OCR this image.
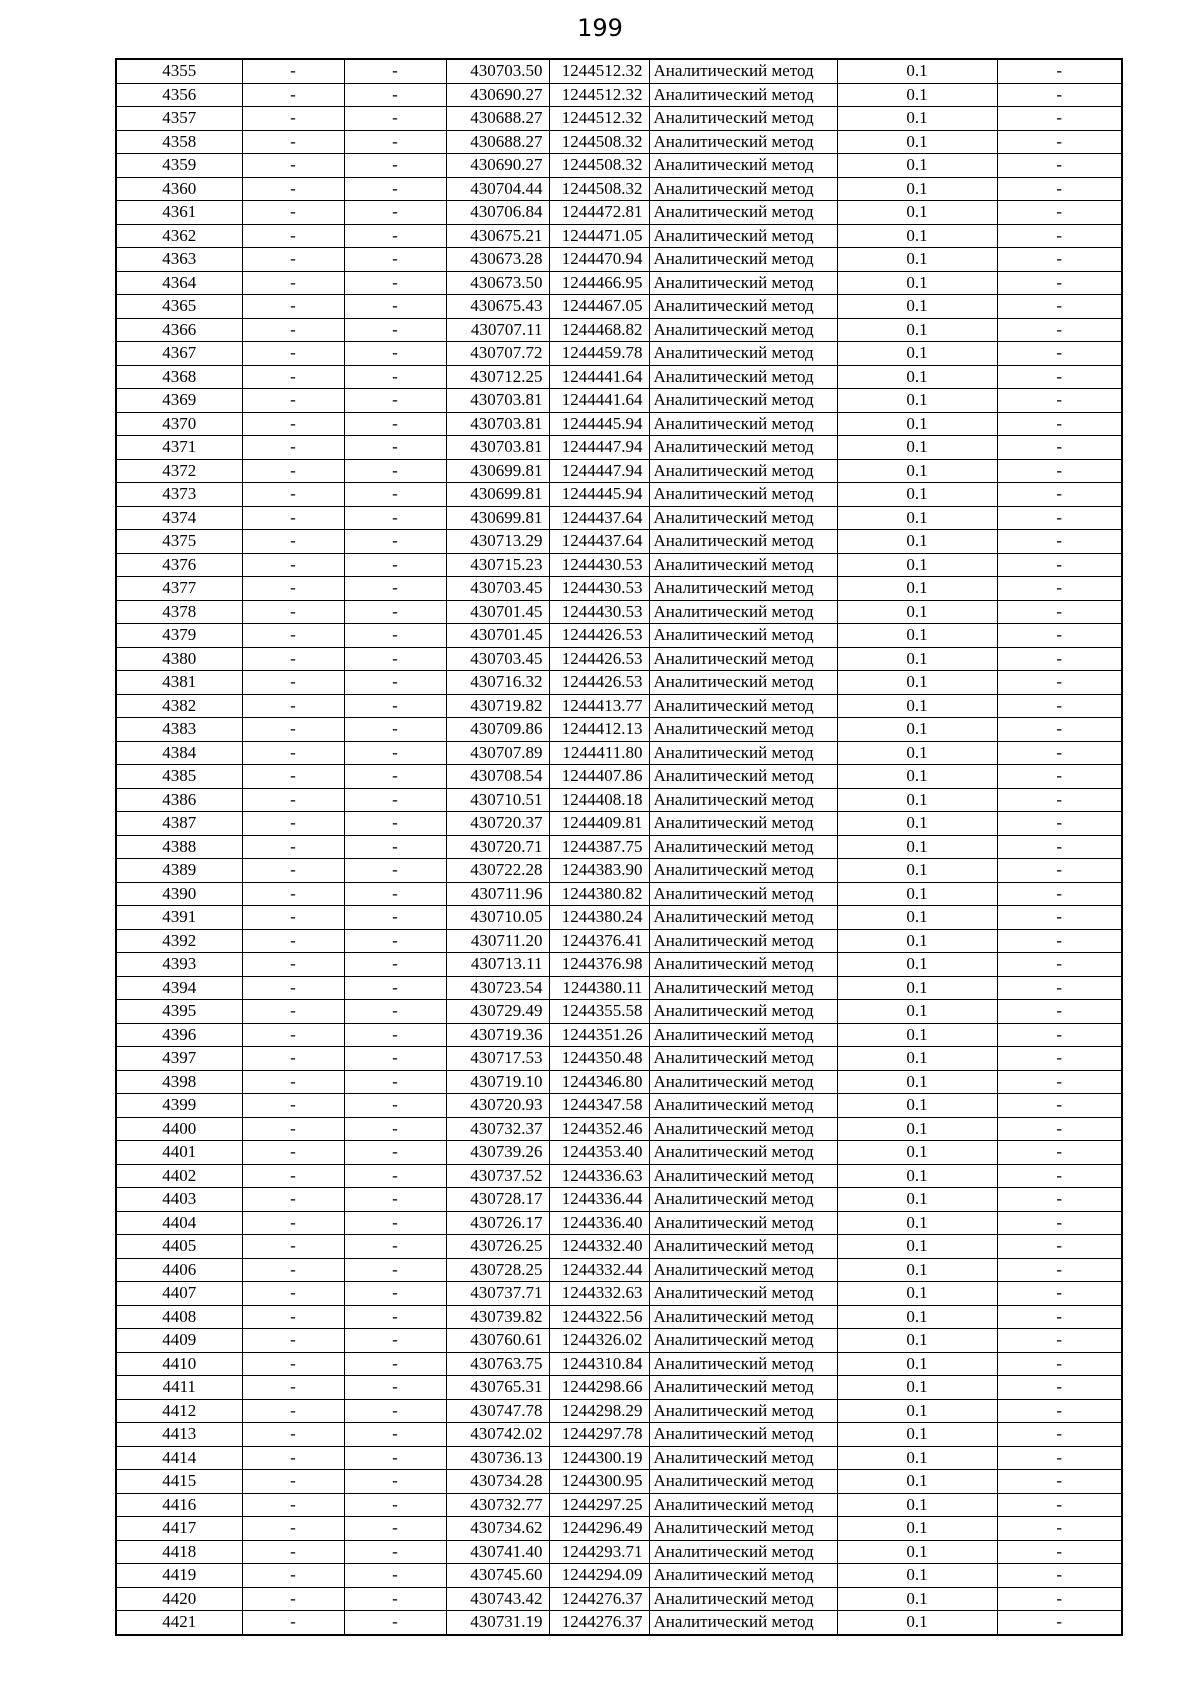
199
4355	-	-	430703.50	1244512.32	Аналитический метод	0.1	-
4356	-	-	430690.27	1244512.32	Аналитический метод	0.1	-
4357	-	-	430688.27	1244512.32	Аналитический метод	0.1	-
4358	-	-	430688.27	1244508.32	Аналитический метод	0.1	-
4359	-	-	430690.27	1244508.32	Аналитический метод	0.1	-
4360	-	-	430704.44	1244508.32	Аналитический метод	0.1	-
4361	-	-	430706.84	1244472.81	Аналитический метод	0.1	-
4362	-	-	430675.21	1244471.05	Аналитический метод	0.1	-
4363	-	-	430673.28	1244470.94	Аналитический метод	0.1	-
4364	-	-	430673.50	1244466.95	Аналитический метод	0.1	-
4365	-	-	430675.43	1244467.05	Аналитический метод	0.1	-
4366	-	-	430707.11	1244468.82	Аналитический метод	0.1	-
4367	-	-	430707.72	1244459.78	Аналитический метод	0.1	-
4368	-	-	430712.25	1244441.64	Аналитический метод	0.1	-
4369	-	-	430703.81	1244441.64	Аналитический метод	0.1	-
4370	-	-	430703.81	1244445.94	Аналитический метод	0.1	-
4371	-	-	430703.81	1244447.94	Аналитический метод	0.1	-
4372	-	-	430699.81	1244447.94	Аналитический метод	0.1	-
4373	-	-	430699.81	1244445.94	Аналитический метод	0.1	-
4374	-	-	430699.81	1244437.64	Аналитический метод	0.1	-
4375	-	-	430713.29	1244437.64	Аналитический метод	0.1	-
4376	-	-	430715.23	1244430.53	Аналитический метод	0.1	-
4377	-	-	430703.45	1244430.53	Аналитический метод	0.1	-
4378	-	-	430701.45	1244430.53	Аналитический метод	0.1	-
4379	-	-	430701.45	1244426.53	Аналитический метод	0.1	-
4380	-	-	430703.45	1244426.53	Аналитический метод	0.1	-
4381	-	-	430716.32	1244426.53	Аналитический метод	0.1	-
4382	-	-	430719.82	1244413.77	Аналитический метод	0.1	-
4383	-	-	430709.86	1244412.13	Аналитический метод	0.1	-
4384	-	-	430707.89	1244411.80	Аналитический метод	0.1	-
4385	-	-	430708.54	1244407.86	Аналитический метод	0.1	-
4386	-	-	430710.51	1244408.18	Аналитический метод	0.1	-
4387	-	-	430720.37	1244409.81	Аналитический метод	0.1	-
4388	-	-	430720.71	1244387.75	Аналитический метод	0.1	-
4389	-	-	430722.28	1244383.90	Аналитический метод	0.1	-
4390	-	-	430711.96	1244380.82	Аналитический метод	0.1	-
4391	-	-	430710.05	1244380.24	Аналитический метод	0.1	-
4392	-	-	430711.20	1244376.41	Аналитический метод	0.1	-
4393	-	-	430713.11	1244376.98	Аналитический метод	0.1	-
4394	-	-	430723.54	1244380.11	Аналитический метод	0.1	-
4395	-	-	430729.49	1244355.58	Аналитический метод	0.1	-
4396	-	-	430719.36	1244351.26	Аналитический метод	0.1	-
4397	-	-	430717.53	1244350.48	Аналитический метод	0.1	-
4398	-	-	430719.10	1244346.80	Аналитический метод	0.1	-
4399	-	-	430720.93	1244347.58	Аналитический метод	0.1	-
4400	-	-	430732.37	1244352.46	Аналитический метод	0.1	-
4401	-	-	430739.26	1244353.40	Аналитический метод	0.1	-
4402	-	-	430737.52	1244336.63	Аналитический метод	0.1	-
4403	-	-	430728.17	1244336.44	Аналитический метод	0.1	-
4404	-	-	430726.17	1244336.40	Аналитический метод	0.1	-
4405	-	-	430726.25	1244332.40	Аналитический метод	0.1	-
4406	-	-	430728.25	1244332.44	Аналитический метод	0.1	-
4407	-	-	430737.71	1244332.63	Аналитический метод	0.1	-
4408	-	-	430739.82	1244322.56	Аналитический метод	0.1	-
4409	-	-	430760.61	1244326.02	Аналитический метод	0.1	-
4410	-	-	430763.75	1244310.84	Аналитический метод	0.1	-
4411	-	-	430765.31	1244298.66	Аналитический метод	0.1	-
4412	-	-	430747.78	1244298.29	Аналитический метод	0.1	-
4413	-	-	430742.02	1244297.78	Аналитический метод	0.1	-
4414	-	-	430736.13	1244300.19	Аналитический метод	0.1	-
4415	-	-	430734.28	1244300.95	Аналитический метод	0.1	-
4416	-	-	430732.77	1244297.25	Аналитический метод	0.1	-
4417	-	-	430734.62	1244296.49	Аналитический метод	0.1	-
4418	-	-	430741.40	1244293.71	Аналитический метод	0.1	-
4419	-	-	430745.60	1244294.09	Аналитический метод	0.1	-
4420	-	-	430743.42	1244276.37	Аналитический метод	0.1	-
4421	-	-	430731.19	1244276.37	Аналитический метод	0.1	-
